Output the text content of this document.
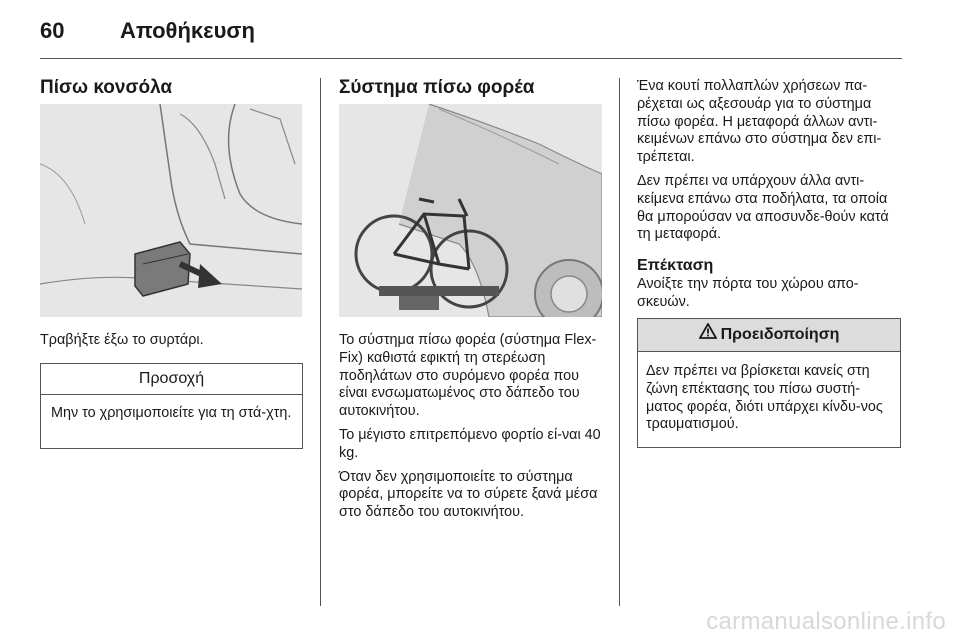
60	Αποθήκευση
Πίσω κονσόλα
Τραβήξτε έξω το συρτάρι.
Προσοχή
Μην το χρησιμοποιείτε για τη στά-χτη.
Σύστημα πίσω φορέα

Το σύστημα πίσω φορέα (σύστημα Flex-Fix) καθιστά εφικτή τη στερέωση ποδηλάτων στο συρόμενο φορέα που είναι ενσωματωμένος στο δάπεδο του αυτοκινήτου.

Το μέγιστο επιτρεπόμενο φορτίο εί-ναι 40 kg.

Όταν δεν χρησιμοποιείτε το σύστημα φορέα, μπορείτε να το σύρετε ξανά μέσα στο δάπεδο του αυτοκινήτου.

Ένα κουτί πολλαπλών χρήσεων πα-ρέχεται ως αξεσουάρ για το σύστημα πίσω φορέα. Η μεταφορά άλλων αντι-κειμένων επάνω στο σύστημα δεν επι-τρέπεται.

Δεν πρέπει να υπάρχουν άλλα αντι-κείμενα επάνω στα ποδήλατα, τα οποία θα μπορούσαν να αποσυνδε-θούν κατά τη μεταφορά.

Επέκταση
Ανοίξτε την πόρτα του χώρου απο-σκευών.
Προειδοποίηση
Δεν πρέπει να βρίσκεται κανείς στη ζώνη επέκτασης του πίσω συστή-ματος φορέα, διότι υπάρχει κίνδυ-νος τραυματισμού.
carmanualsonline.info
